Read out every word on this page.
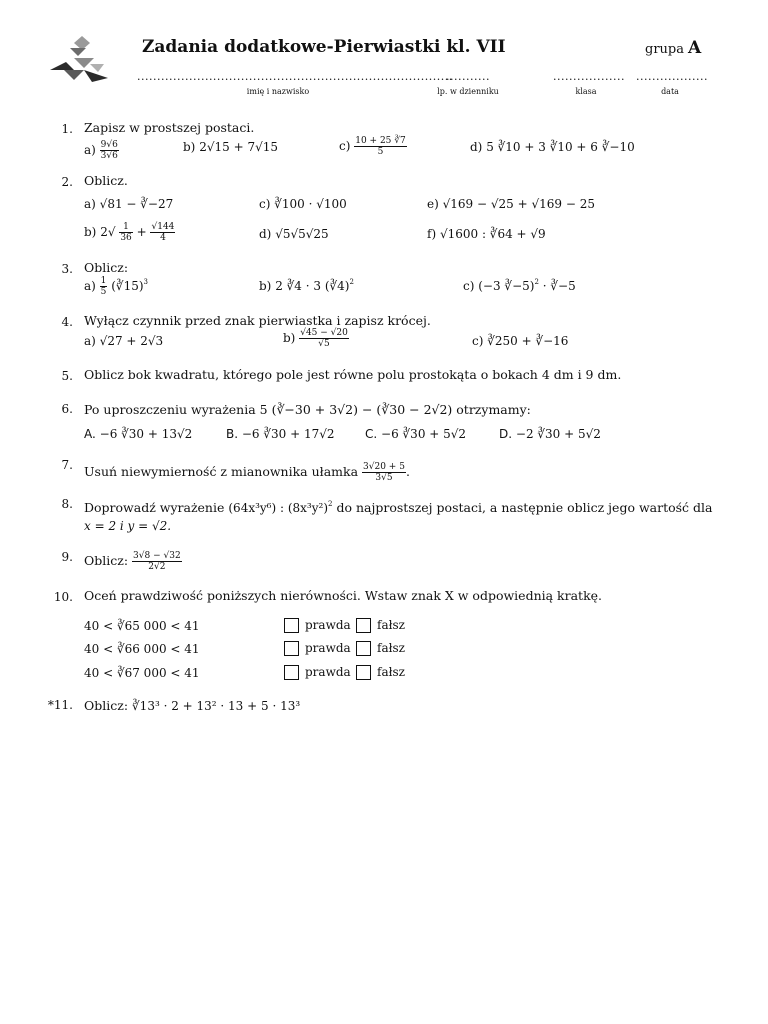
Zadania dodatkowe-Pierwiastki kl. VII	grupa A
...............................................................................
...........	.................. ..................
imię i nazwisko	lp. w dzienniku	klasa	data
1. Zapisz w prostszej postaci.
$a) \frac{9√6}{3√6}$	b) 2√15 + 7√15	$c) \frac{10 + 25 ∛7}{5}$	d) 5 ∛10 + 3 ∛10 + 6 ∛−10
2. Oblicz.
a) √81 − ∛−27	c) ∛100 · √100	e) √169 − √25 + √169 − 25
b) $2√ \frac{1}{36} + \frac{√144}{4}$	d) √5√5√25	f) √1600 : ∛64 + √9
3. Oblicz:
$a) \frac{1}{5}$ (∛15)$^3$	b) 2 ∛4 · 3 (∛4)$^2$	c) (−3 ∛−5)$^2$ · ∛−5
4. Wyłącz czynnik przed znak pierwiastka i zapisz krócej.
a) √27 + 2√3	$b) \frac{√45 - √20}{√5}$	c) ∛250 + ∛−16
5. Oblicz bok kwadratu, którego pole jest równe polu prostokąta o bokach 4 dm i 9 dm.
6. Po uproszczeniu wyrażenia 5 (∛−30 + 3√2) − (∛30 − 2√2) otrzymamy:
A. −6 ∛30 + 13√2	B. −6 ∛30 + 17√2	C. −6 ∛30 + 5√2	D. −2 ∛30 + 5√2
7. Usuń niewymierność z mianownika ułamka $\frac{3√20 + 5}{3√5}$ .
8. Doprowadź wyrażenie (64x³y⁶) : $(8x^3y^2)^2$ do najprostszej postaci, a następnie oblicz jego wartość dla
x = 2 i y = √2.
9. Oblicz: $\frac{3√8 - √32}{2√2}$
10. Oceń prawdziwość poniższych nierówności. Wstaw znak X w odpowiednią kratkę.
40 < ∛65 000 < 41	prawda	fałsz
40 < ∛66 000 < 41	prawda	fałsz
40 < ∛67 000 < 41	prawda	fałsz
*11. Oblicz: ∛13³ · 2 + 13² · 13 + 5 · 13³
